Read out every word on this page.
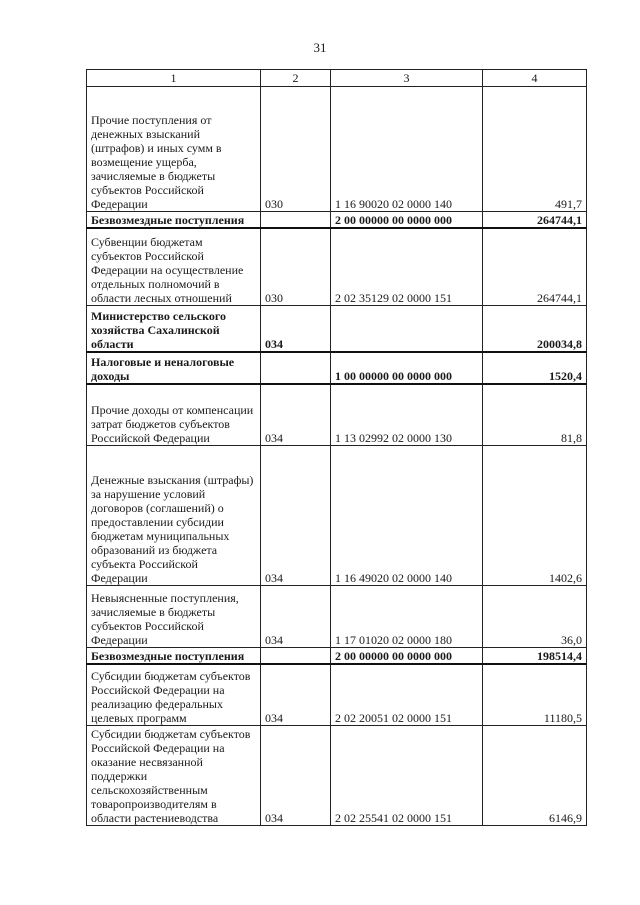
31
1	2	3	4
Прочие поступления от денежных взысканий (штрафов) и иных сумм в возмещение ущерба, зачисляемые в бюджеты субъектов Российской Федерации	030	1 16 90020 02 0000 140	491,7
Безвозмездные поступления		2 00 00000 00 0000 000	264744,1
Субвенции бюджетам субъектов Российской Федерации на осуществление отдельных полномочий в области лесных отношений	030	2 02 35129 02 0000 151	264744,1
Министерство сельского хозяйства Сахалинской области	034		200034,8
Налоговые и неналоговые доходы		1 00 00000 00 0000 000	1520,4
Прочие доходы от компенсации затрат бюджетов субъектов Российской Федерации	034	1 13 02992 02 0000 130	81,8
Денежные взыскания (штрафы) за нарушение условий договоров (соглашений) о предоставлении субсидии бюджетам муниципальных образований из бюджета субъекта Российской Федерации	034	1 16 49020 02 0000 140	1402,6
Невыясненные поступления, зачисляемые в бюджеты субъектов Российской Федерации	034	1 17 01020 02 0000 180	36,0
Безвозмездные поступления		2 00 00000 00 0000 000	198514,4
Субсидии бюджетам субъектов Российской Федерации на реализацию федеральных целевых программ	034	2 02 20051 02 0000 151	11180,5
Субсидии бюджетам субъектов Российской Федерации на оказание несвязанной поддержки сельскохозяйственным товаропроизводителям в области растениеводства	034	2 02 25541 02 0000 151	6146,9
